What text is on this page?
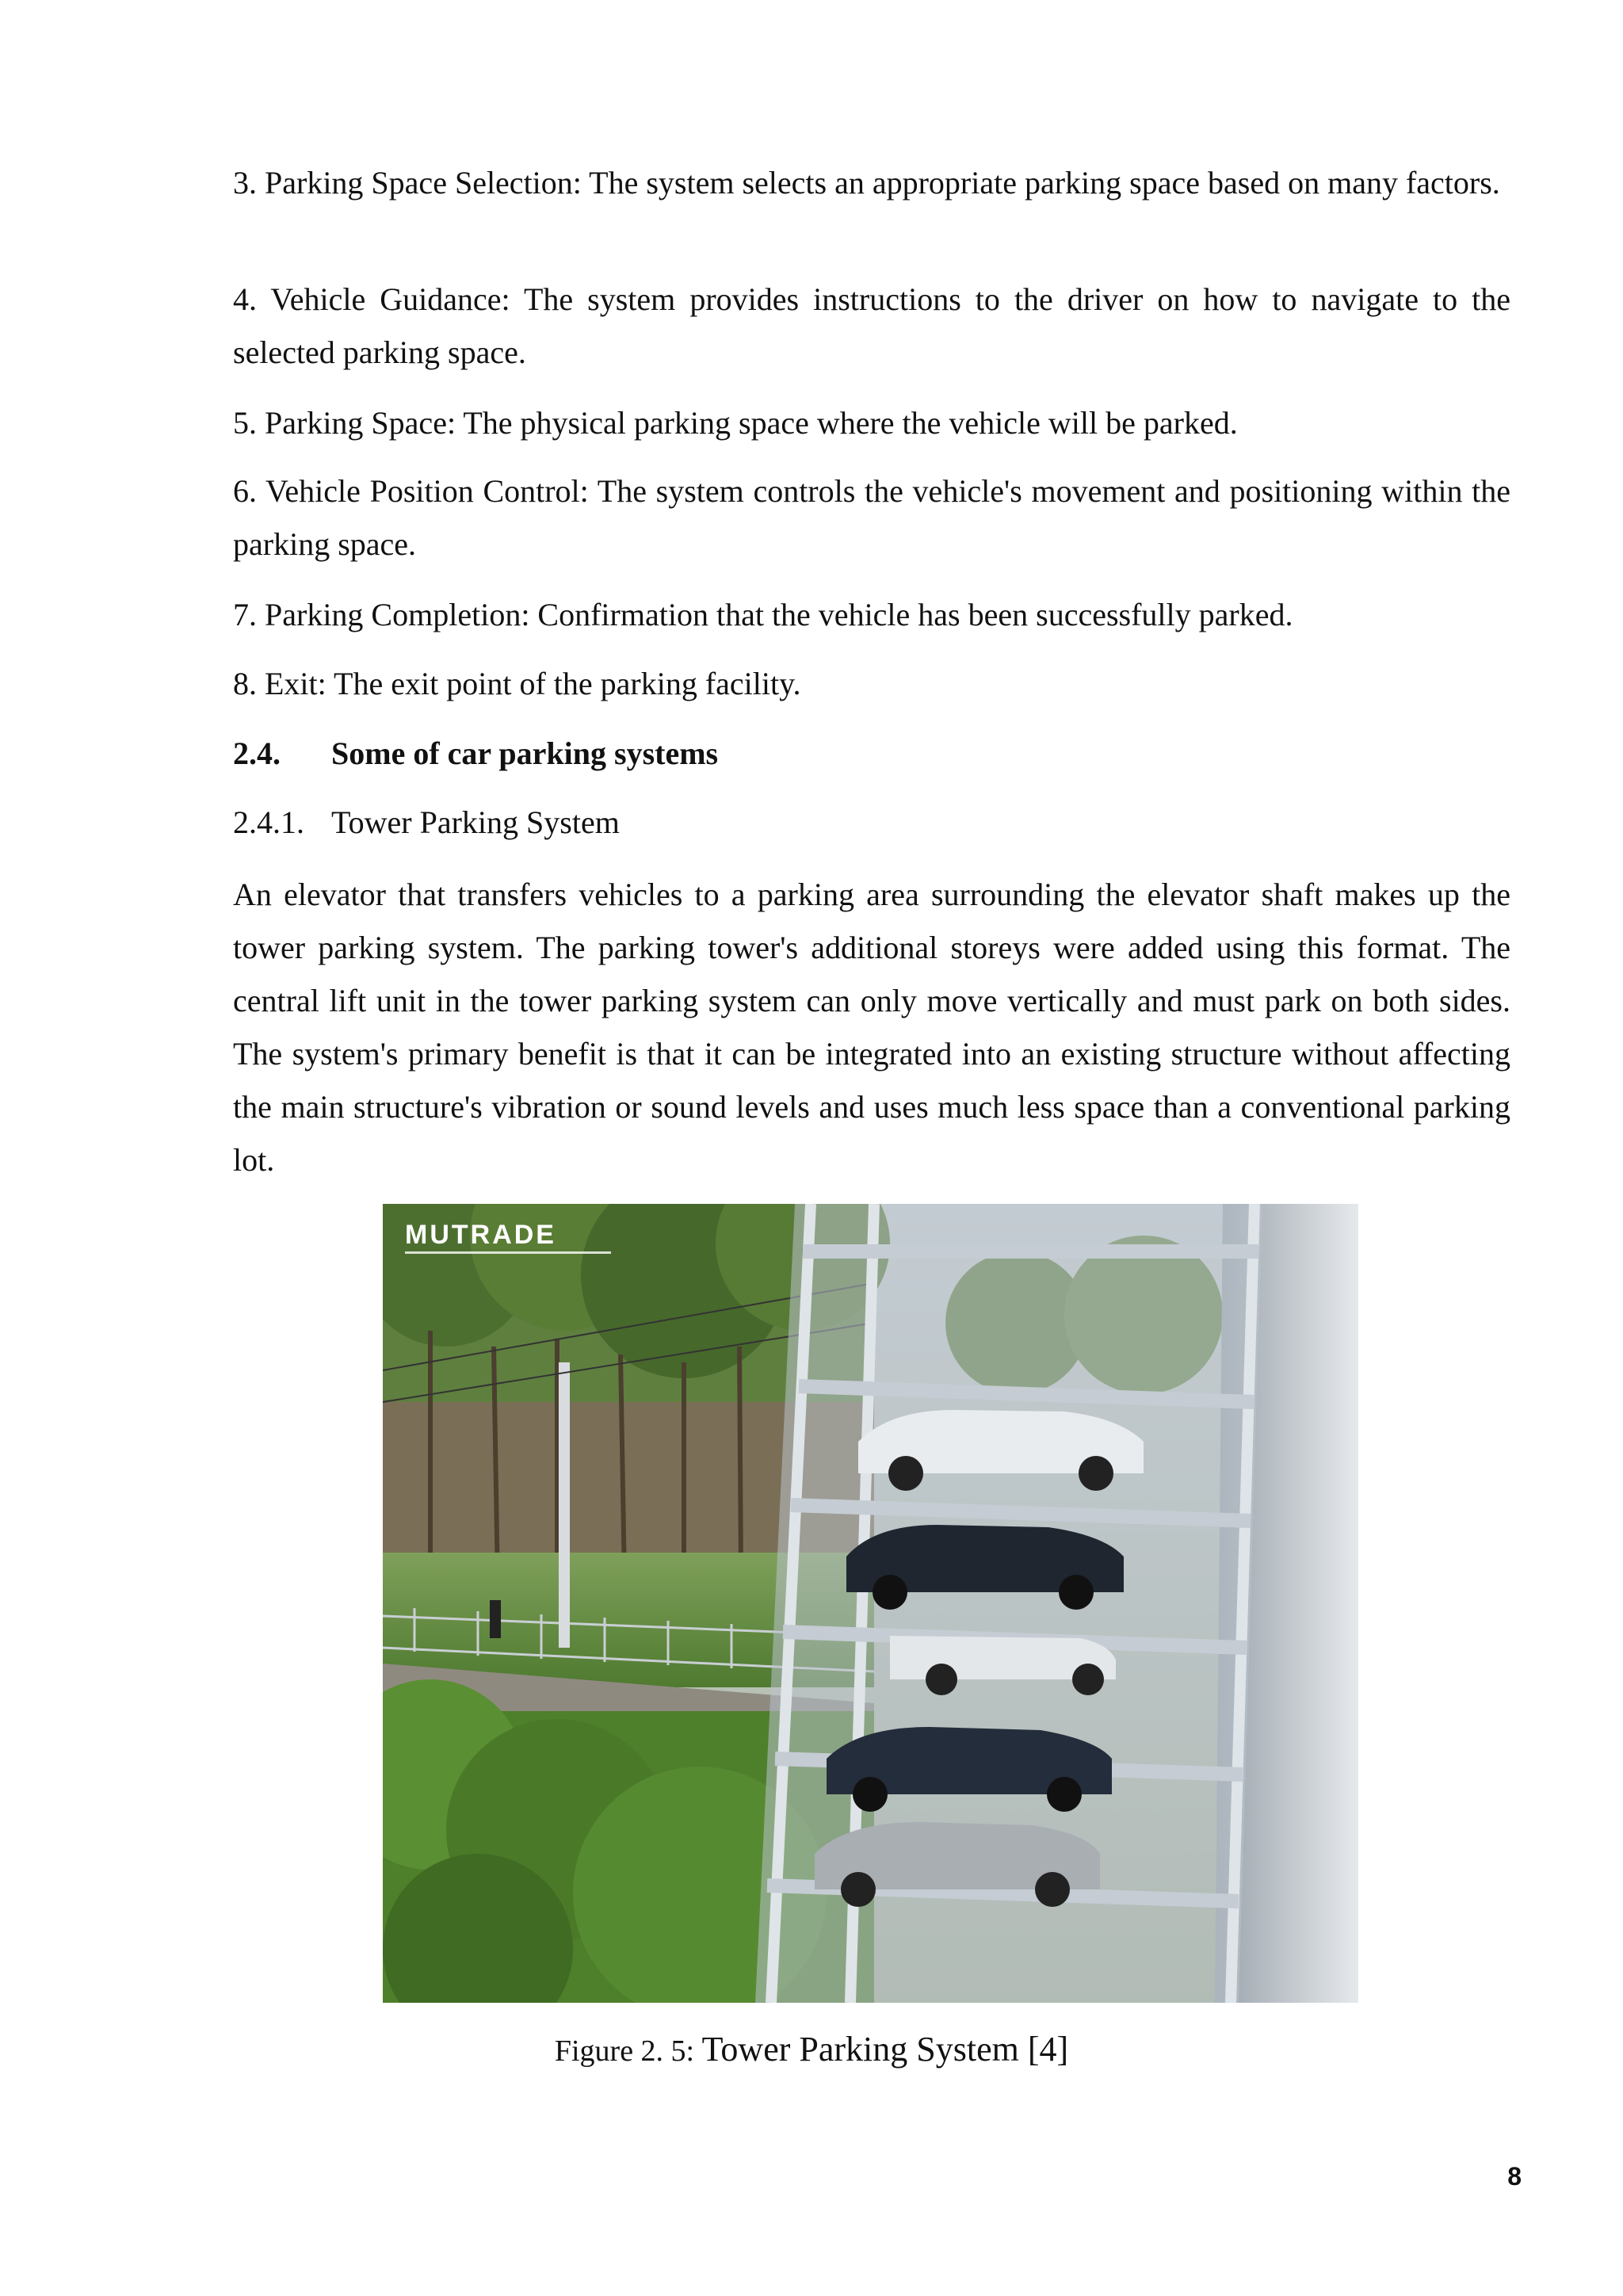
3. Parking Space Selection: The system selects an appropriate parking space based on many factors.

4. Vehicle Guidance: The system provides instructions to the driver on how to navigate to the selected parking space.

5. Parking Space: The physical parking space where the vehicle will be parked.

6. Vehicle Position Control: The system controls the vehicle's movement and positioning within the parking space.

7. Parking Completion: Confirmation that the vehicle has been successfully parked.

8. Exit: The exit point of the parking facility.

2.4. Some of car parking systems

2.4.1. Tower Parking System

An elevator that transfers vehicles to a parking area surrounding the elevator shaft makes up the tower parking system. The parking tower's additional storeys were added using this format. The central lift unit in the tower parking system can only move vertically and must park on both sides. The system's primary benefit is that it can be integrated into an existing structure without affecting the main structure's vibration or sound levels and uses much less space than a conventional parking lot.

MUTRADE
Figure 2. 5: Tower Parking System [4]
8
